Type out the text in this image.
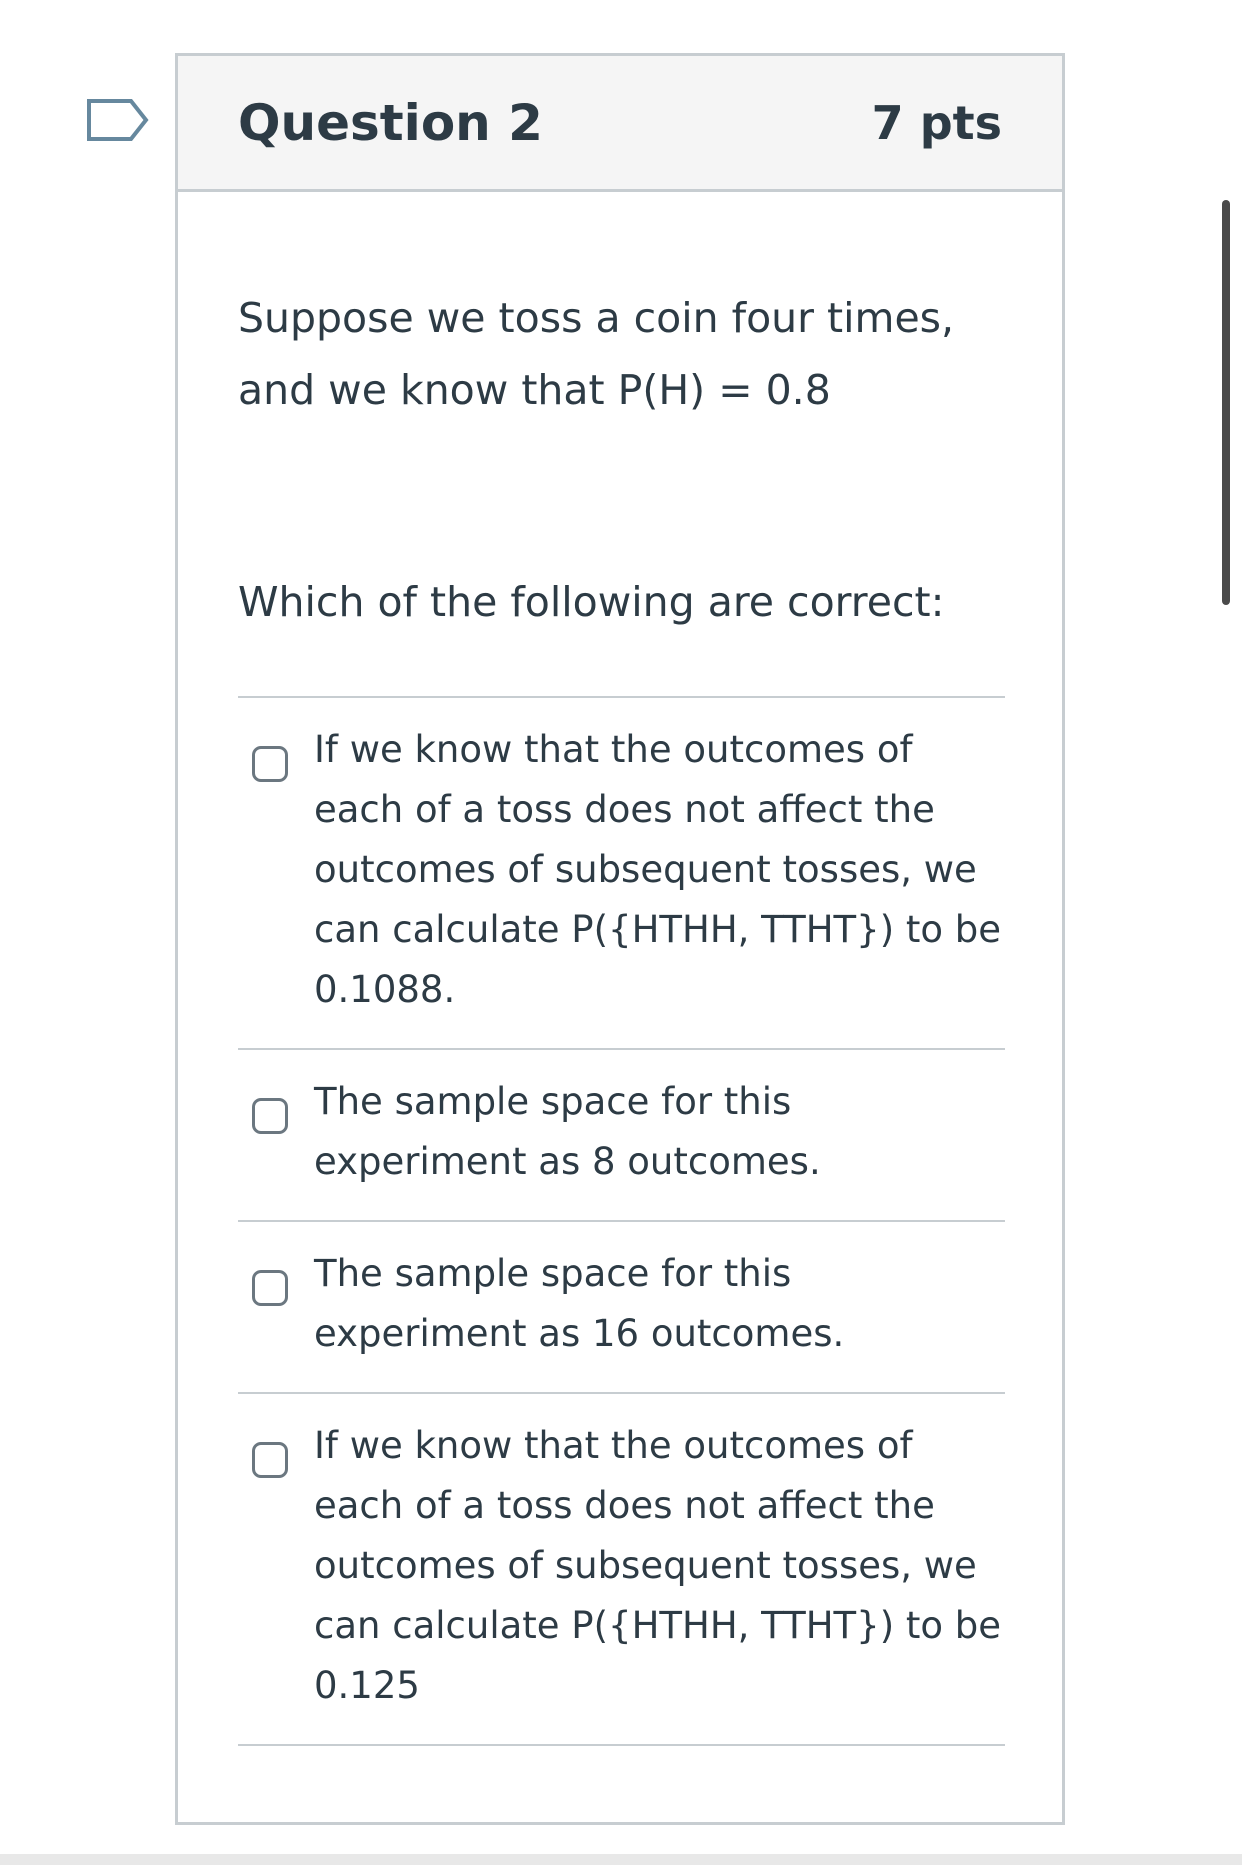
Question 2	7 pts
Suppose we toss a coin four times, and we know that P(H) = 0.8
Which of the following are correct:
If we know that the outcomes of each of a toss does not affect the outcomes of subsequent tosses, we can calculate P({HTHH, TTHT}) to be 0.1088.
The sample space for this experiment as 8 outcomes.
The sample space for this experiment as 16 outcomes.
If we know that the outcomes of each of a toss does not affect the outcomes of subsequent tosses, we can calculate P({HTHH, TTHT}) to be 0.125
